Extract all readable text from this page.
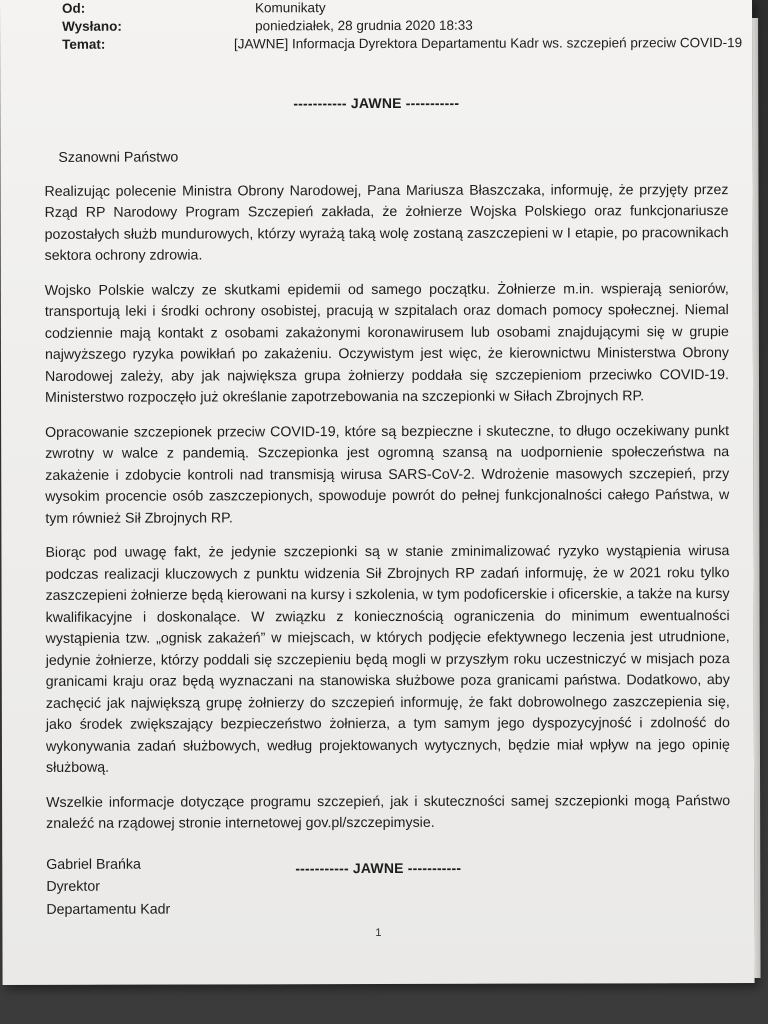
Od:	Komunikaty
Wysłano:	poniedziałek, 28 grudnia 2020 18:33
Temat:	[JAWNE] Informacja Dyrektora Departamentu Kadr ws. szczepień przeciw COVID-19
----------- JAWNE -----------
Szanowni Państwo

Realizując polecenie Ministra Obrony Narodowej, Pana Mariusza Błaszczaka, informuję, że przyjęty przez Rząd RP Narodowy Program Szczepień zakłada, że żołnierze Wojska Polskiego oraz funkcjonariusze pozostałych służb mundurowych, którzy wyrażą taką wolę zostaną zaszczepieni w I etapie, po pracownikach sektora ochrony zdrowia.

Wojsko Polskie walczy ze skutkami epidemii od samego początku. Żołnierze m.in. wspierają seniorów, transportują leki i środki ochrony osobistej, pracują w szpitalach oraz domach pomocy społecznej. Niemal codziennie mają kontakt z osobami zakażonymi koronawirusem lub osobami znajdującymi się w grupie najwyższego ryzyka powikłań po zakażeniu. Oczywistym jest więc, że kierownictwu Ministerstwa Obrony Narodowej zależy, aby jak największa grupa żołnierzy poddała się szczepieniom przeciwko COVID-19. Ministerstwo rozpoczęło już określanie zapotrzebowania na szczepionki w Siłach Zbrojnych RP.

Opracowanie szczepionek przeciw COVID-19, które są bezpieczne i skuteczne, to długo oczekiwany punkt zwrotny w walce z pandemią. Szczepionka jest ogromną szansą na uodpornienie społeczeństwa na zakażenie i zdobycie kontroli nad transmisją wirusa SARS-CoV-2. Wdrożenie masowych szczepień, przy wysokim procencie osób zaszczepionych, spowoduje powrót do pełnej funkcjonalności całego Państwa, w tym również Sił Zbrojnych RP.

Biorąc pod uwagę fakt, że jedynie szczepionki są w stanie zminimalizować ryzyko wystąpienia wirusa podczas realizacji kluczowych z punktu widzenia Sił Zbrojnych RP zadań informuję, że w 2021 roku tylko zaszczepieni żołnierze będą kierowani na kursy i szkolenia, w tym podoficerskie i oficerskie, a także na kursy kwalifikacyjne i doskonalące. W związku z koniecznością ograniczenia do minimum ewentualności wystąpienia tzw. „ognisk zakażeń” w miejscach, w których podjęcie efektywnego leczenia jest utrudnione, jedynie żołnierze, którzy poddali się szczepieniu będą mogli w przyszłym roku uczestniczyć w misjach poza granicami kraju oraz będą wyznaczani na stanowiska służbowe poza granicami państwa. Dodatkowo, aby zachęcić jak największą grupę żołnierzy do szczepień informuję, że fakt dobrowolnego zaszczepienia się, jako środek zwiększający bezpieczeństwo żołnierza, a tym samym jego dyspozycyjność i zdolność do wykonywania zadań służbowych, według projektowanych wytycznych, będzie miał wpływ na jego opinię służbową.

Wszelkie informacje dotyczące programu szczepień, jak i skuteczności samej szczepionki mogą Państwo znaleźć na rządowej stronie internetowej gov.pl/szczepimysie.

Gabriel Brańka
Dyrektor
Departamentu Kadr
----------- JAWNE -----------
1
